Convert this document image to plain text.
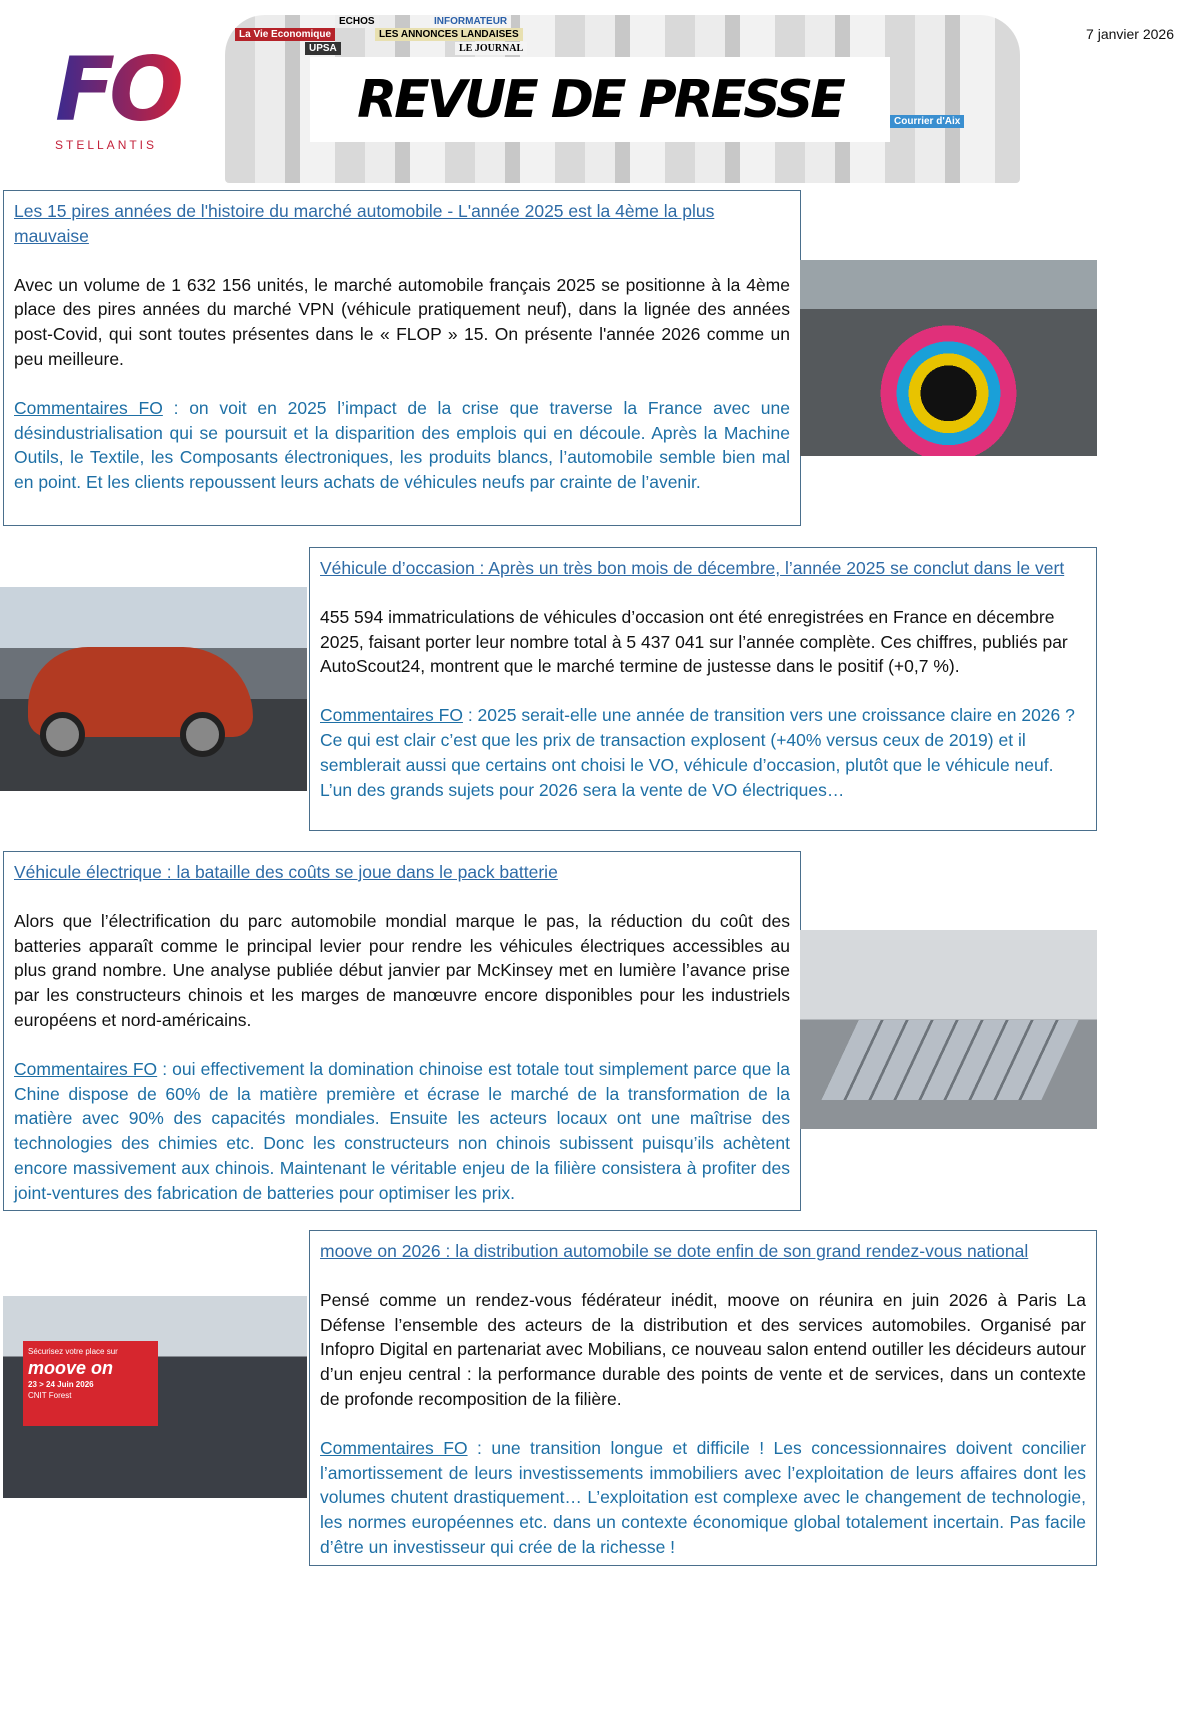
FO
STELLANTIS
ECHOS	INFORMATEUR
La Vie Economique	LES ANNONCES LANDAISES
UPSA	LE JOURNAL
Courrier d'Aix
REVUE DE PRESSE
7 janvier 2026

Les 15 pires années de l'histoire du marché automobile - L'année 2025 est la 4ème la plus mauvaise

Avec un volume de 1 632 156 unités, le marché automobile français 2025 se positionne à la 4ème place des pires années du marché VPN (véhicule pratiquement neuf), dans la lignée des années post-Covid, qui sont toutes présentes dans le « FLOP » 15. On présente l'année 2026 comme un peu meilleure.

Commentaires FO : on voit en 2025 l’impact de la crise que traverse la France avec une désindustrialisation qui se poursuit et la disparition des emplois qui en découle. Après la Machine Outils, le Textile, les Composants électroniques, les produits blancs, l’automobile semble bien mal en point. Et les clients repoussent leurs achats de véhicules neufs par crainte de l’avenir.

Véhicule d’occasion : Après un très bon mois de décembre, l’année 2025 se conclut dans le vert

455 594 immatriculations de véhicules d’occasion ont été enregistrées en France en décembre 2025, faisant porter leur nombre total à 5 437 041 sur l’année complète. Ces chiffres, publiés par AutoScout24, montrent que le marché termine de justesse dans le positif (+0,7 %).

Commentaires FO : 2025 serait-elle une année de transition vers une croissance claire en 2026 ? Ce qui est clair c’est que les prix de transaction explosent (+40% versus ceux de 2019) et il semblerait aussi que certains ont choisi le VO, véhicule d’occasion, plutôt que le véhicule neuf. L’un des grands sujets pour 2026 sera la vente de VO électriques…

Véhicule électrique : la bataille des coûts se joue dans le pack batterie

Alors que l’électrification du parc automobile mondial marque le pas, la réduction du coût des batteries apparaît comme le principal levier pour rendre les véhicules électriques accessibles au plus grand nombre. Une analyse publiée début janvier par McKinsey met en lumière l’avance prise par les constructeurs chinois et les marges de manœuvre encore disponibles pour les industriels européens et nord-américains.

Commentaires FO : oui effectivement la domination chinoise est totale tout simplement parce que la Chine dispose de 60% de la matière première et écrase le marché de la transformation de la matière avec 90% des capacités mondiales. Ensuite les acteurs locaux ont une maîtrise des technologies des chimies etc. Donc les constructeurs non chinois subissent puisqu’ils achètent encore massivement aux chinois. Maintenant le véritable enjeu de la filière consistera à profiter des joint-ventures des fabrication de batteries pour optimiser les prix.

moove on 2026 : la distribution automobile se dote enfin de son grand rendez-vous national

Pensé comme un rendez-vous fédérateur inédit, moove on réunira en juin 2026 à Paris La Défense l’ensemble des acteurs de la distribution et des services automobiles. Organisé par Infopro Digital en partenariat avec Mobilians, ce nouveau salon entend outiller les décideurs autour d’un enjeu central : la performance durable des points de vente et de services, dans un contexte de profonde recomposition de la filière.

Commentaires FO : une transition longue et difficile ! Les concessionnaires doivent concilier l’amortissement de leurs investissements immobiliers avec l’exploitation de leurs affaires dont les volumes chutent drastiquement… L’exploitation est complexe avec le changement de technologie, les normes européennes etc. dans un contexte économique global totalement incertain. Pas facile d’être un investisseur qui crée de la richesse !

Sécurisez votre place sur
moove on
23 > 24 Juin 2026
CNIT Forest
